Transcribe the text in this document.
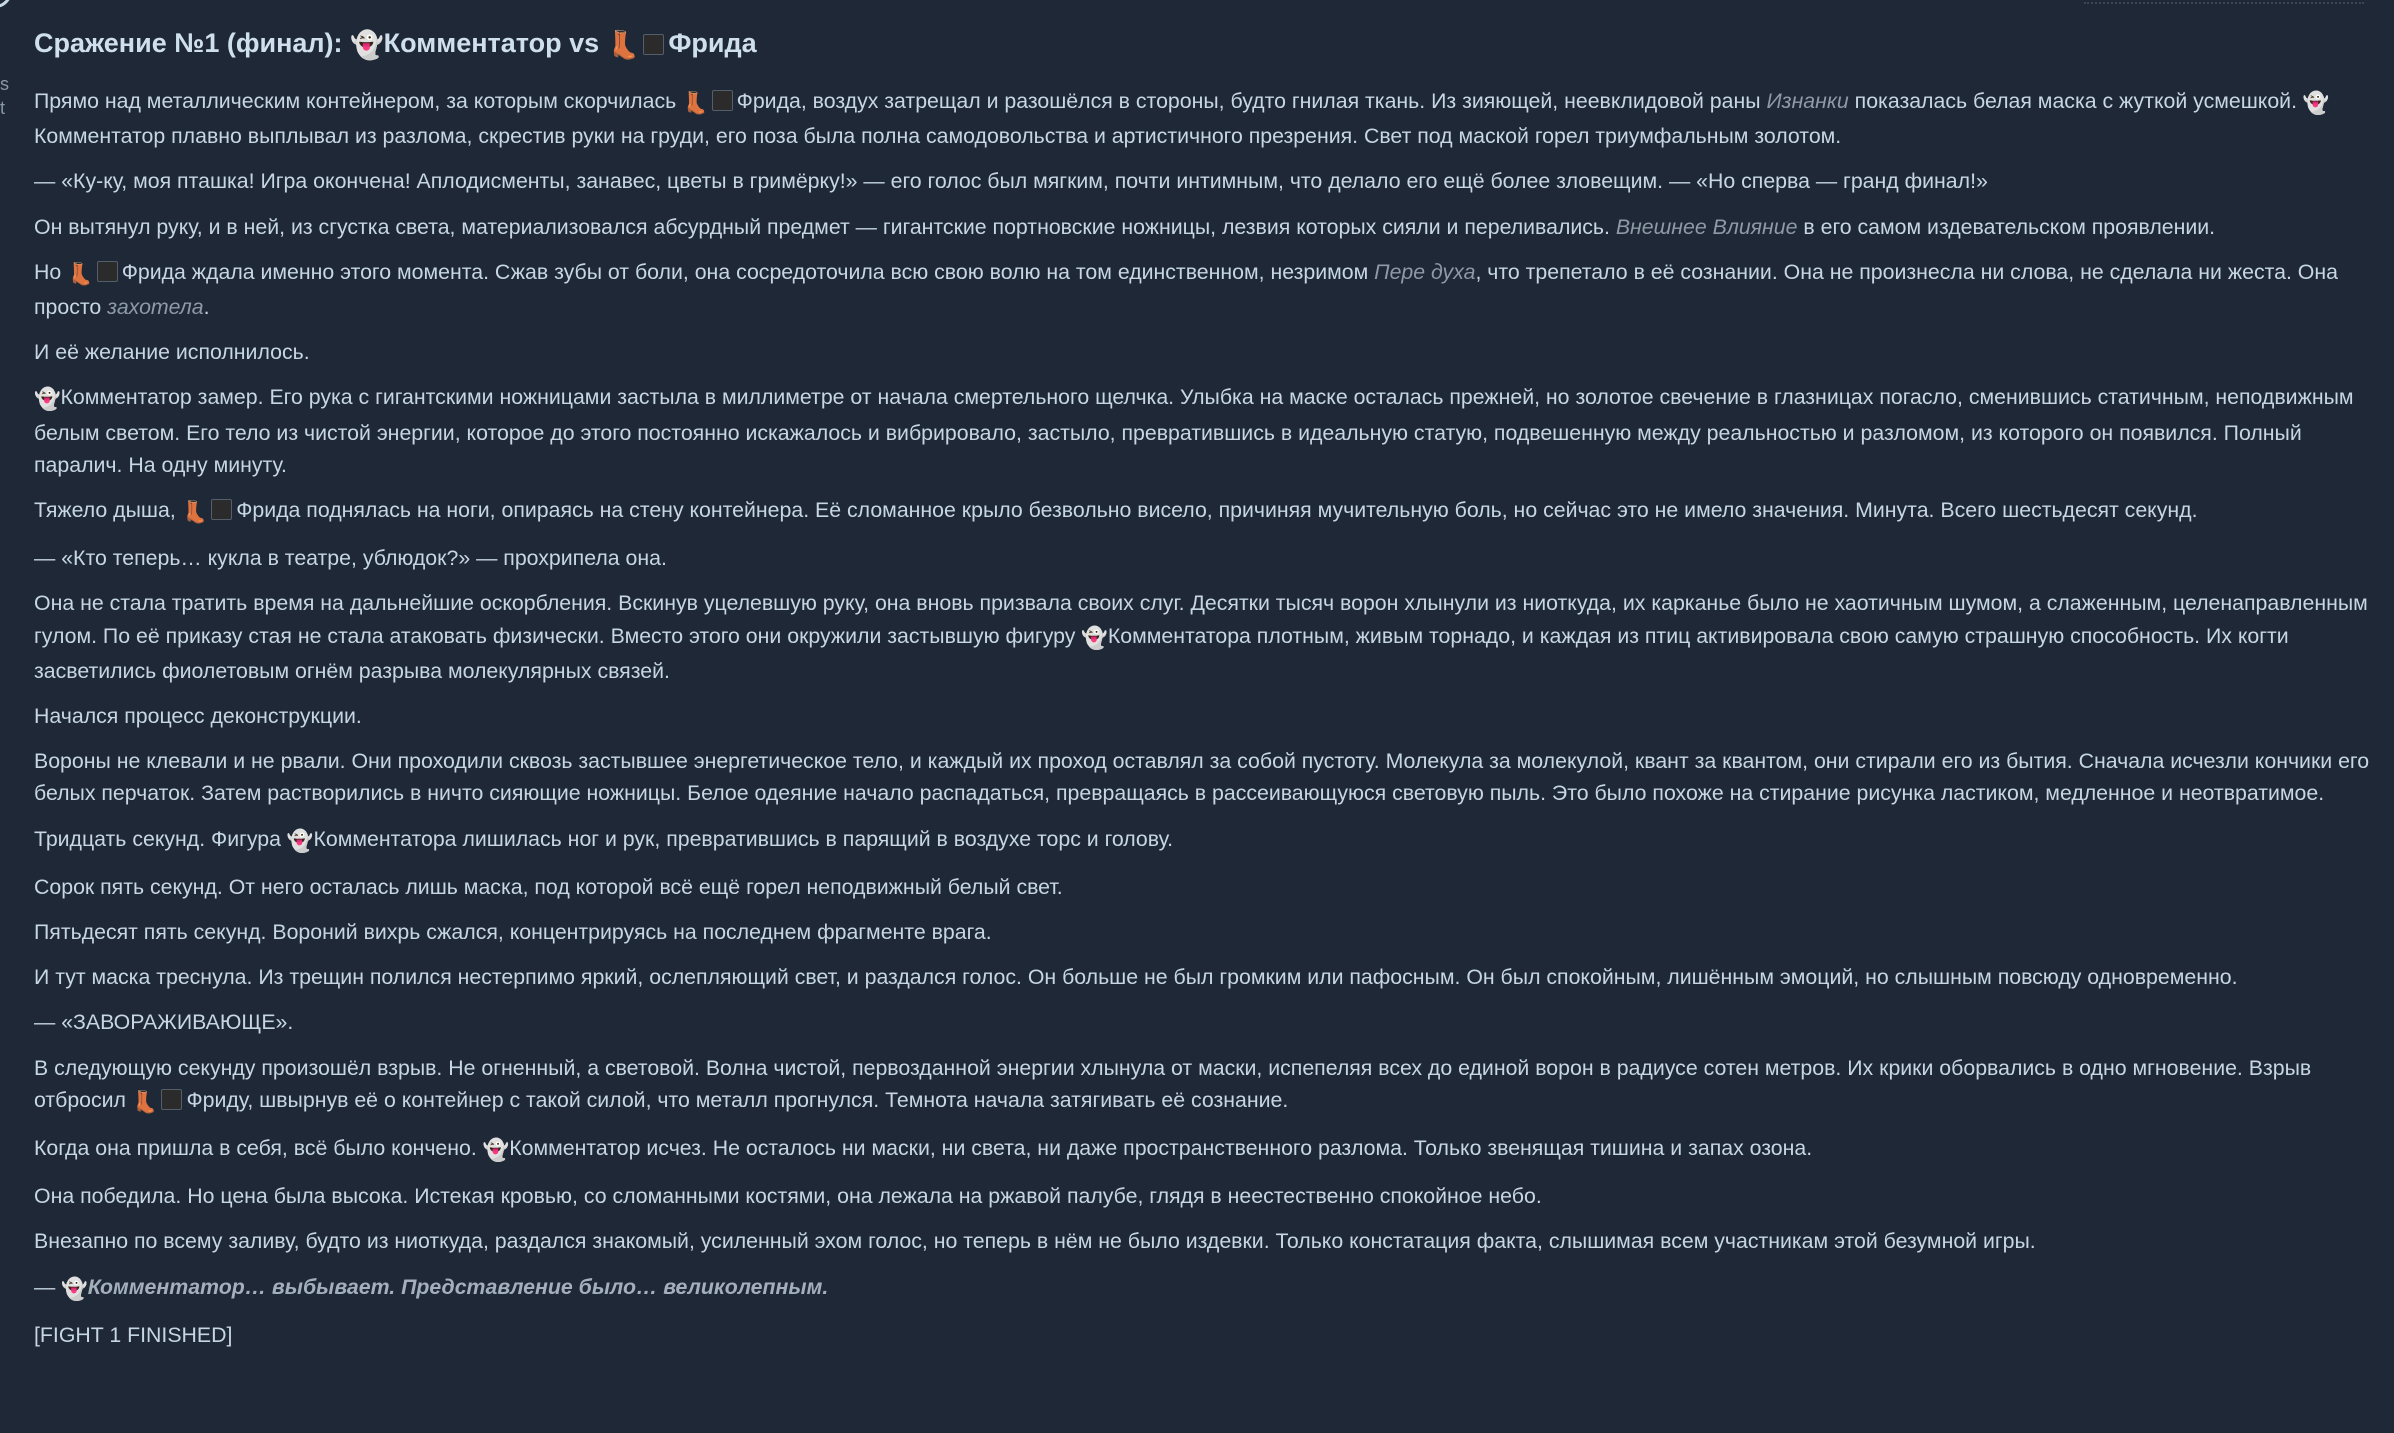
s t
Сражение №1 (финал): 👻Комментатор vs 👢 Фрида

Прямо над металлическим контейнером, за которым скорчилась 👢 Фрида, воздух затрещал и разошёлся в стороны, будто гнилая ткань. Из зияющей, неевклидовой раны Изнанки показалась белая маска с жуткой усмешкой. 👻Комментатор плавно выплывал из разлома, скрестив руки на груди, его поза была полна самодовольства и артистичного презрения. Свет под маской горел триумфальным золотом.

— «Ку-ку, моя пташка! Игра окончена! Аплодисменты, занавес, цветы в гримёрку!» — его голос был мягким, почти интимным, что делало его ещё более зловещим. — «Но сперва — гранд финал!»

Он вытянул руку, и в ней, из сгустка света, материализовался абсурдный предмет — гигантские портновские ножницы, лезвия которых сияли и переливались. Внешнее Влияние в его самом издевательском проявлении.

Но 👢 Фрида ждала именно этого момента. Сжав зубы от боли, она сосредоточила всю свою волю на том единственном, незримом Пере духа, что трепетало в её сознании. Она не произнесла ни слова, не сделала ни жеста. Она просто захотела.

И её желание исполнилось.

👻Комментатор замер. Его рука с гигантскими ножницами застыла в миллиметре от начала смертельного щелчка. Улыбка на маске осталась прежней, но золотое свечение в глазницах погасло, сменившись статичным, неподвижным белым светом. Его тело из чистой энергии, которое до этого постоянно искажалось и вибрировало, застыло, превратившись в идеальную статую, подвешенную между реальностью и разломом, из которого он появился. Полный паралич. На одну минуту.

Тяжело дыша, 👢 Фрида поднялась на ноги, опираясь на стену контейнера. Её сломанное крыло безвольно висело, причиняя мучительную боль, но сейчас это не имело значения. Минута. Всего шестьдесят секунд.

— «Кто теперь… кукла в театре, ублюдок?» — прохрипела она.

Она не стала тратить время на дальнейшие оскорбления. Вскинув уцелевшую руку, она вновь призвала своих слуг. Десятки тысяч ворон хлынули из ниоткуда, их карканье было не хаотичным шумом, а слаженным, целенаправленным гулом. По её приказу стая не стала атаковать физически. Вместо этого они окружили застывшую фигуру 👻Комментатора плотным, живым торнадо, и каждая из птиц активировала свою самую страшную способность. Их когти засветились фиолетовым огнём разрыва молекулярных связей.

Начался процесс деконструкции.

Вороны не клевали и не рвали. Они проходили сквозь застывшее энергетическое тело, и каждый их проход оставлял за собой пустоту. Молекула за молекулой, квант за квантом, они стирали его из бытия. Сначала исчезли кончики его белых перчаток. Затем растворились в ничто сияющие ножницы. Белое одеяние начало распадаться, превращаясь в рассеивающуюся световую пыль. Это было похоже на стирание рисунка ластиком, медленное и неотвратимое.

Тридцать секунд. Фигура 👻Комментатора лишилась ног и рук, превратившись в парящий в воздухе торс и голову.

Сорок пять секунд. От него осталась лишь маска, под которой всё ещё горел неподвижный белый свет.

Пятьдесят пять секунд. Вороний вихрь сжался, концентрируясь на последнем фрагменте врага.

И тут маска треснула. Из трещин полился нестерпимо яркий, ослепляющий свет, и раздался голос. Он больше не был громким или пафосным. Он был спокойным, лишённым эмоций, но слышным повсюду одновременно.

— «ЗАВОРАЖИВАЮЩЕ».

В следующую секунду произошёл взрыв. Не огненный, а световой. Волна чистой, первозданной энергии хлынула от маски, испепеляя всех до единой ворон в радиусе сотен метров. Их крики оборвались в одно мгновение. Взрыв отбросил 👢 Фриду, швырнув её о контейнер с такой силой, что металл прогнулся. Темнота начала затягивать её сознание.

Когда она пришла в себя, всё было кончено. 👻Комментатор исчез. Не осталось ни маски, ни света, ни даже пространственного разлома. Только звенящая тишина и запах озона.

Она победила. Но цена была высока. Истекая кровью, со сломанными костями, она лежала на ржавой палубе, глядя в неестественно спокойное небо.

Внезапно по всему заливу, будто из ниоткуда, раздался знакомый, усиленный эхом голос, но теперь в нём не было издевки. Только констатация факта, слышимая всем участникам этой безумной игры.

— 👻Комментатор… выбывает. Представление было… великолепным.

[FIGHT 1 FINISHED]
